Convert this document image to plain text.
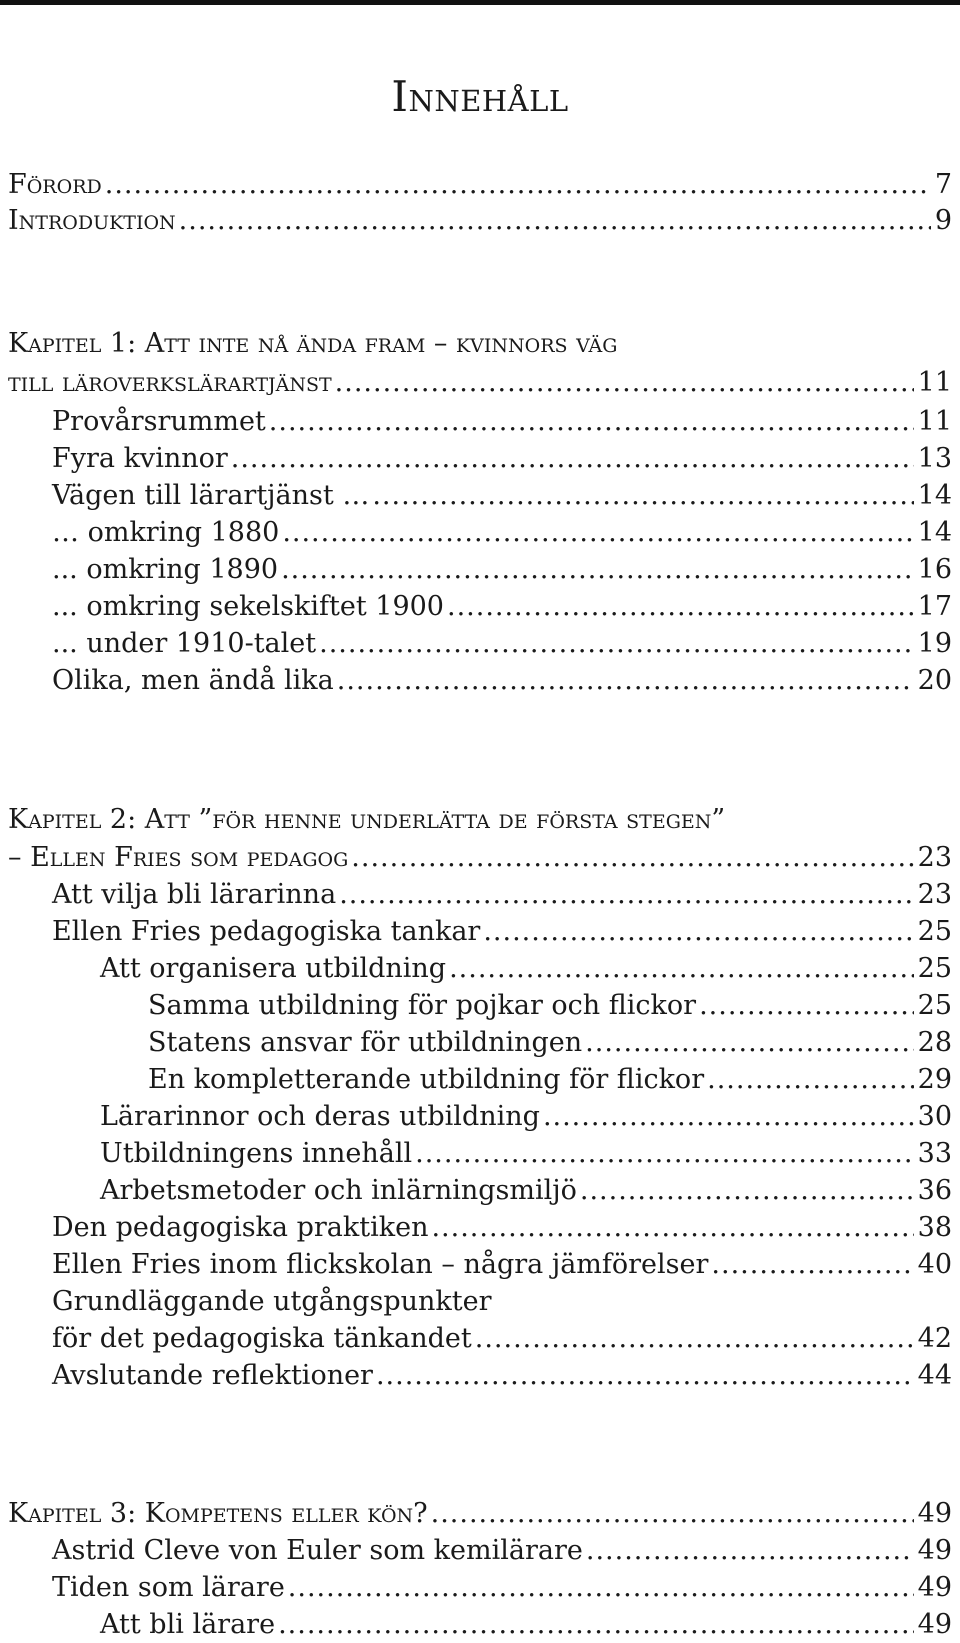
Innehåll
Förord .....	7
Introduktion .....	9
Kapitel 1: Att inte nå ända fram – kvinnors väg
till läroverkslärartjänst .....	11
Provårsrummet .....	11
Fyra kvinnor .....	13
Vägen till lärartjänst … .....	14
… omkring 1880 .....	14
... omkring 1890 .....	16
... omkring sekelskiftet 1900 .....	17
... under 1910-talet .....	19
Olika, men ändå lika .....	20
Kapitel 2: Att ”för henne underlätta de första stegen”
– Ellen Fries som pedagog .....	23
Att vilja bli lärarinna .....	23
Ellen Fries pedagogiska tankar .....	25
Att organisera utbildning .....	25
Samma utbildning för pojkar och flickor .....	25
Statens ansvar för utbildningen .....	28
En kompletterande utbildning för flickor .....	29
Lärarinnor och deras utbildning .....	30
Utbildningens innehåll .....	33
Arbetsmetoder och inlärningsmiljö .....	36
Den pedagogiska praktiken .....	38
Ellen Fries inom flickskolan – några jämförelser .....	40
Grundläggande utgångspunkter
för det pedagogiska tänkandet .....	42
Avslutande reflektioner .....	44
Kapitel 3: Kompetens eller kön? .....	49
Astrid Cleve von Euler som kemilärare .....	49
Tiden som lärare .....	49
Att bli lärare .....	49
